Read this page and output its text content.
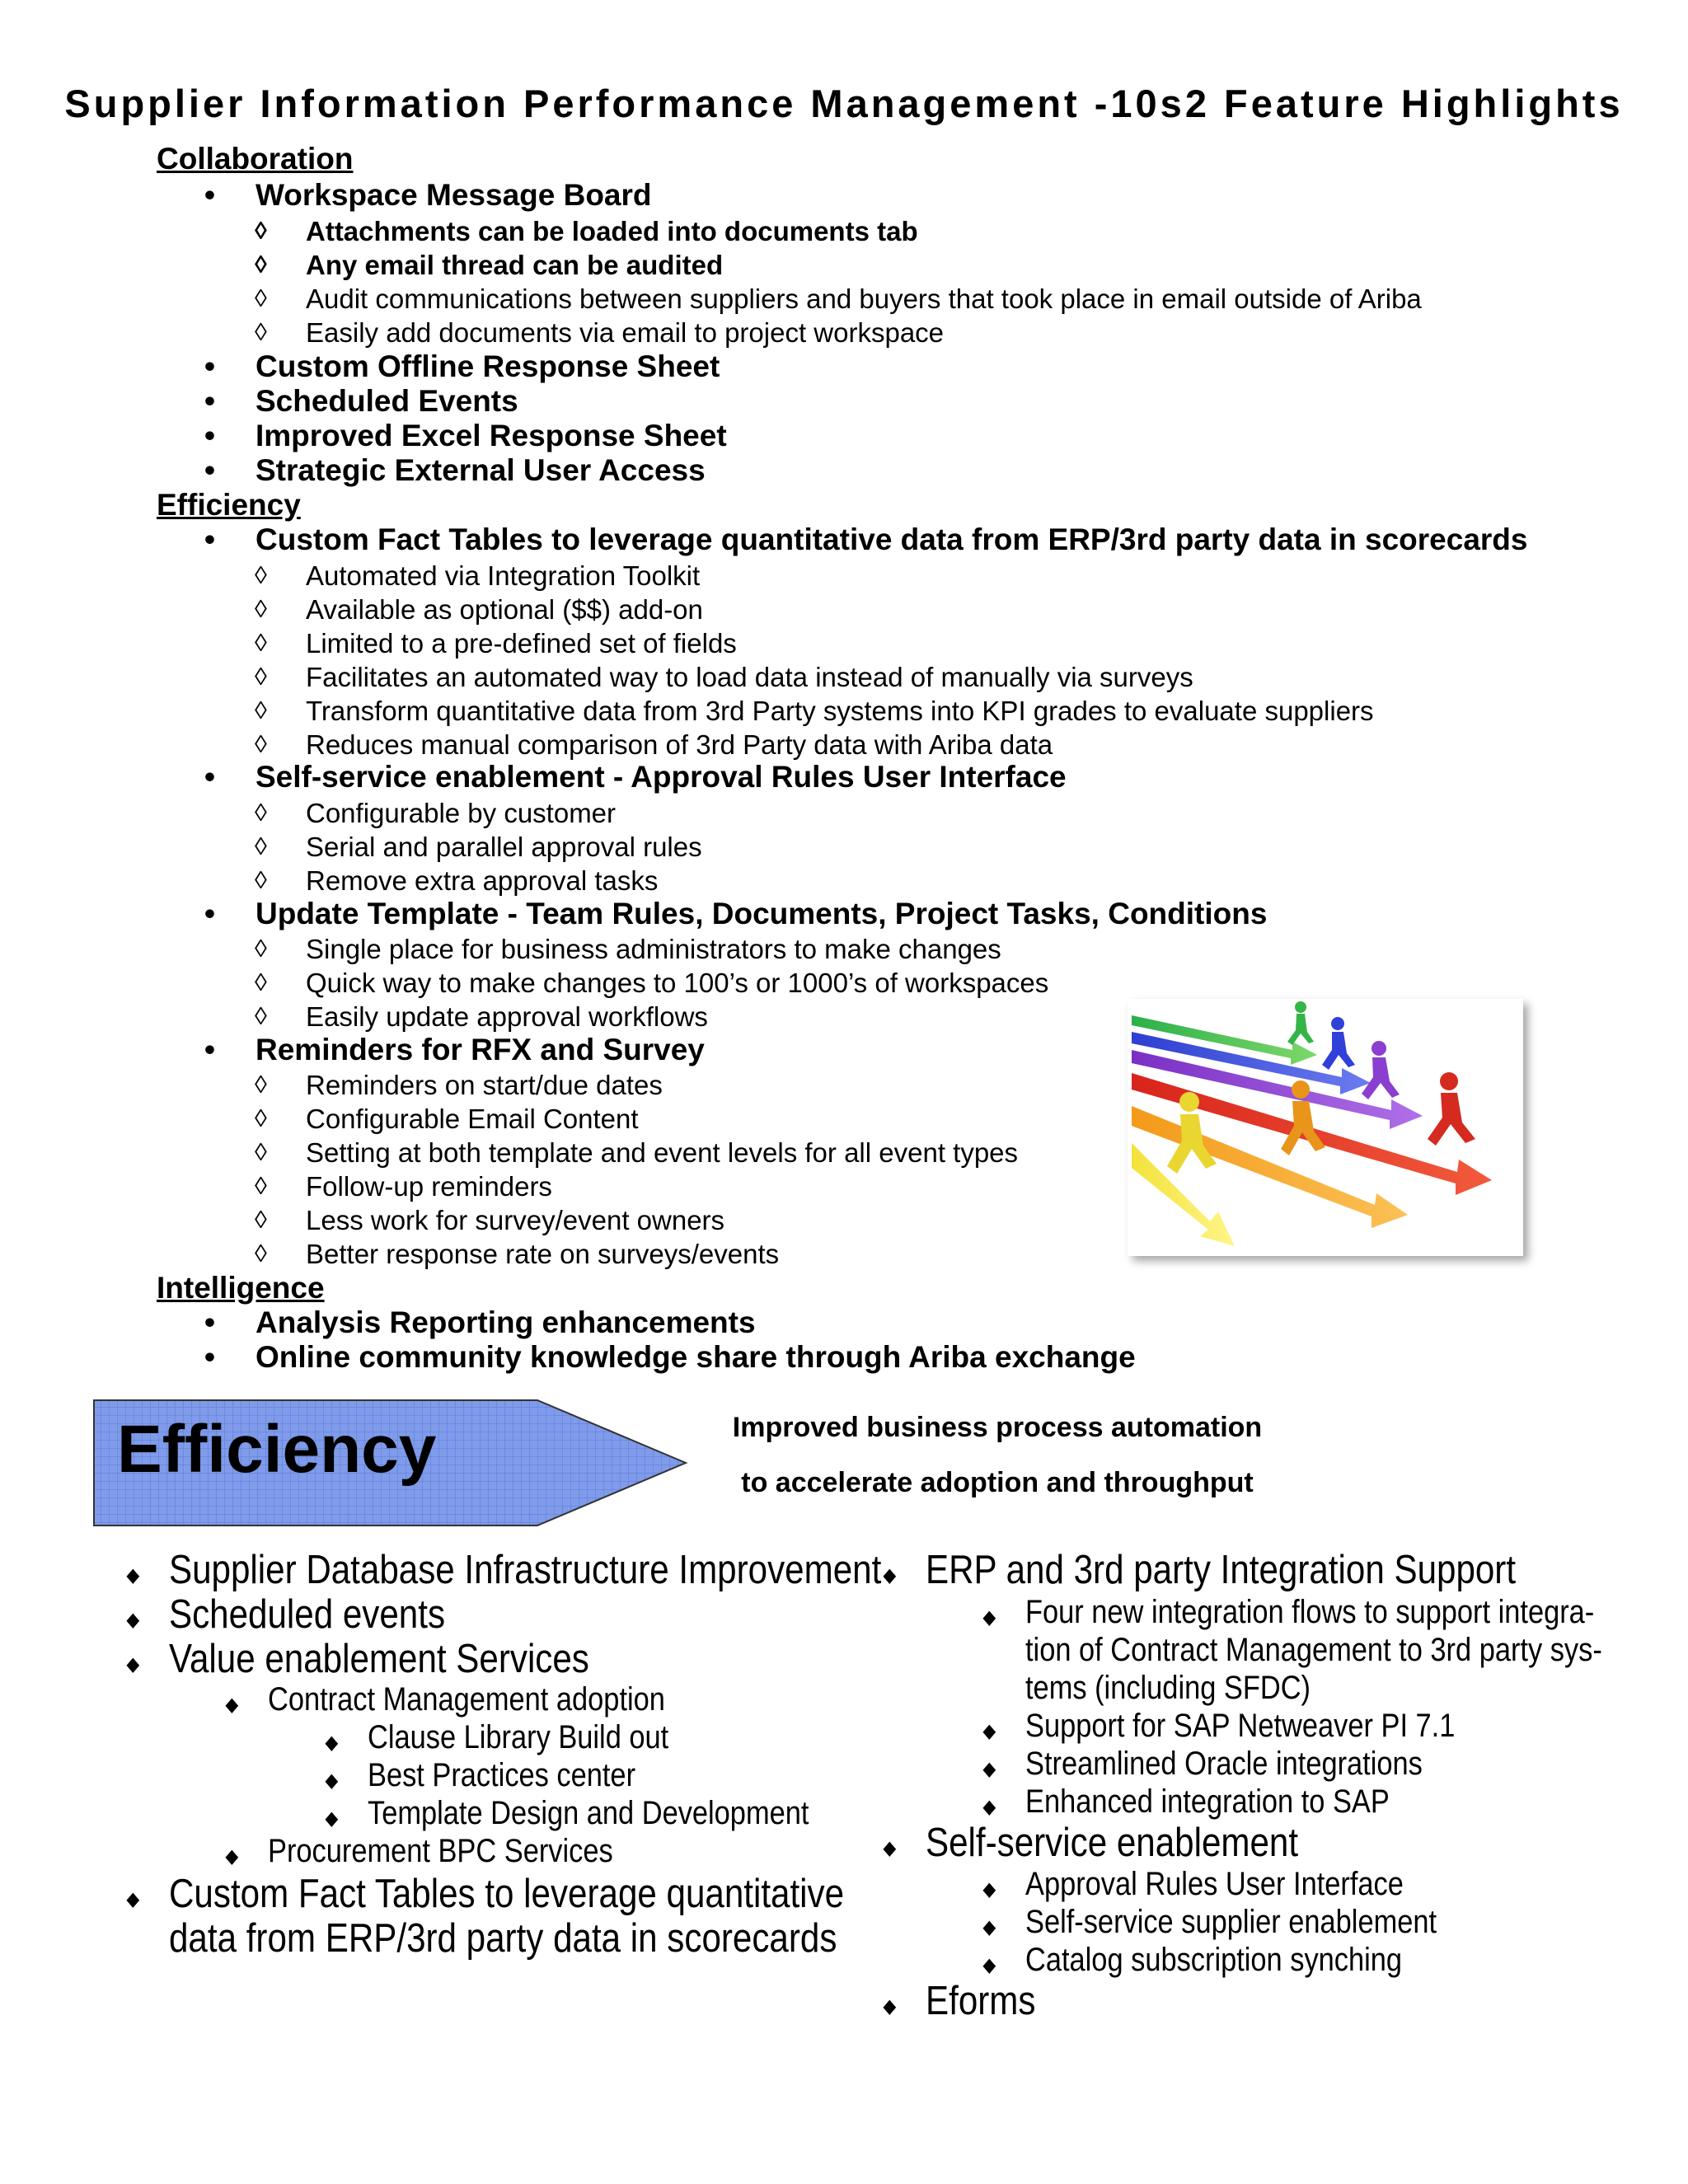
Supplier Information Performance Management -10s2 Feature Highlights
Collaboration
• Workspace Message Board
◊ Attachments can be loaded into documents tab
◊ Any email thread can be audited
◊ Audit communications between suppliers and buyers that took place in email outside of Ariba
◊ Easily add documents via email to project workspace
• Custom Offline Response Sheet
• Scheduled Events
• Improved Excel Response Sheet
• Strategic External User Access
Efficiency
• Custom Fact Tables to leverage quantitative data from ERP/3rd party data in scorecards
◊ Automated via Integration Toolkit
◊ Available as optional ($$) add-on
◊ Limited to a pre-defined set of fields
◊ Facilitates an automated way to load data instead of manually via surveys
◊ Transform quantitative data from 3rd Party systems into KPI grades to evaluate suppliers
◊ Reduces manual comparison of 3rd Party data with Ariba data
• Self-service enablement - Approval Rules User Interface
◊ Configurable by customer
◊ Serial and parallel approval rules
◊ Remove extra approval tasks
• Update Template - Team Rules, Documents, Project Tasks, Conditions
◊ Single place for business administrators to make changes
◊ Quick way to make changes to 100’s or 1000’s of workspaces
◊ Easily update approval workflows
• Reminders for RFX and Survey
◊ Reminders on start/due dates
◊ Configurable Email Content
◊ Setting at both template and event levels for all event types
◊ Follow-up reminders
◊ Less work for survey/event owners
◊ Better response rate on surveys/events
Intelligence
• Analysis Reporting enhancements
• Online community knowledge share through Ariba exchange
Efficiency	Improved business process automation
to accelerate adoption and throughput
◆ Supplier Database Infrastructure Improvement
◆ Scheduled events
◆ Value enablement Services
◆ Contract Management adoption
◆ Clause Library Build out
◆ Best Practices center
◆ Template Design and Development
◆ Procurement BPC Services
◆ Custom Fact Tables to leverage quantitative
data from ERP/3rd party data in scorecards
◆ ERP and 3rd party Integration Support
◆ Four new integration flows to support integra-
tion of Contract Management to 3rd party sys-
tems (including SFDC)
◆ Support for SAP Netweaver PI 7.1
◆ Streamlined Oracle integrations
◆ Enhanced integration to SAP
◆ Self-service enablement
◆ Approval Rules User Interface
◆ Self-service supplier enablement
◆ Catalog subscription synching
◆ Eforms
